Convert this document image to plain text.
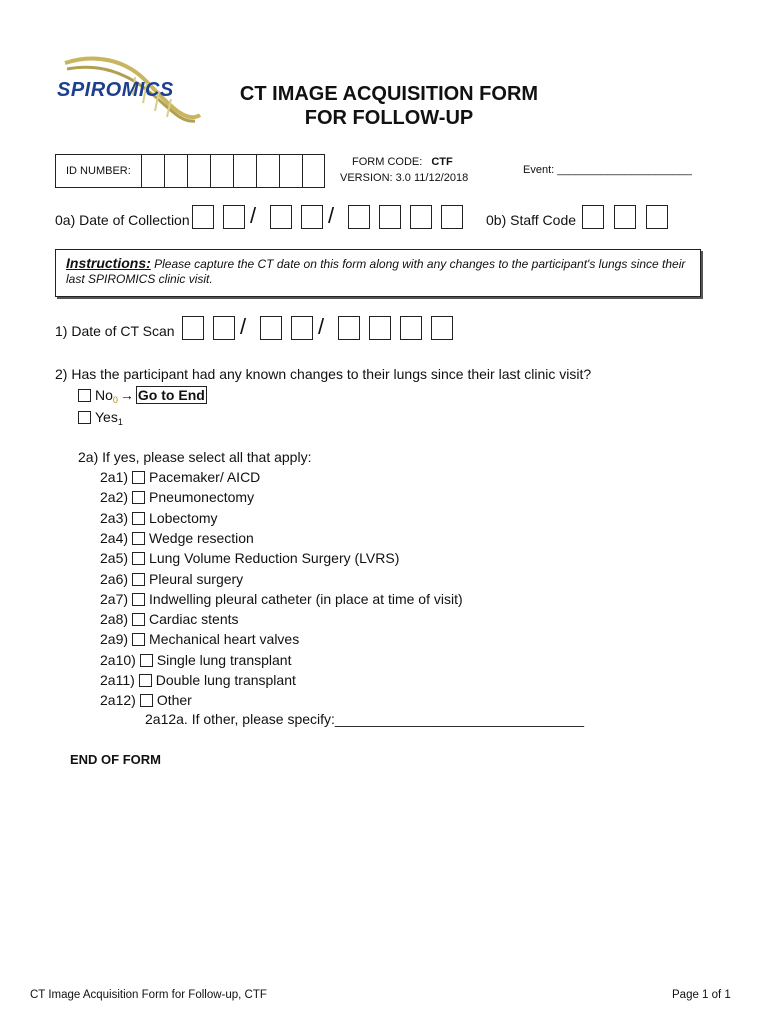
SPIROMICS	CT IMAGE ACQUISITION FORM
FOR FOLLOW-UP
ID NUMBER:
FORM CODE: CTF
VERSION: 3.0 11/12/2018
Event: ______________________
0a) Date of Collection	/	/	0b) Staff Code
Instructions: Please capture the CT date on this form along with any changes to the participant's lungs since their last SPIROMICS clinic visit.
1) Date of CT Scan	/	/
2) Has the participant had any known changes to their lungs since their last clinic visit?
$No_0 \to Go$ to End
Yes$_1$
2a) If yes, please select all that apply:
2a1) Pacemaker/ AICD
2a2) Pneumonectomy
2a3) Lobectomy
2a4) Wedge resection
2a5) Lung Volume Reduction Surgery (LVRS)
2a6) Pleural surgery
2a7) Indwelling pleural catheter (in place at time of visit)
2a8) Cardiac stents
2a9) Mechanical heart valves
2a10) Single lung transplant
2a11) Double lung transplant
2a12) Other
2a12a. If other, please specify:________________________________
END OF FORM
CT Image Acquisition Form for Follow-up, CTF	Page 1 of 1
